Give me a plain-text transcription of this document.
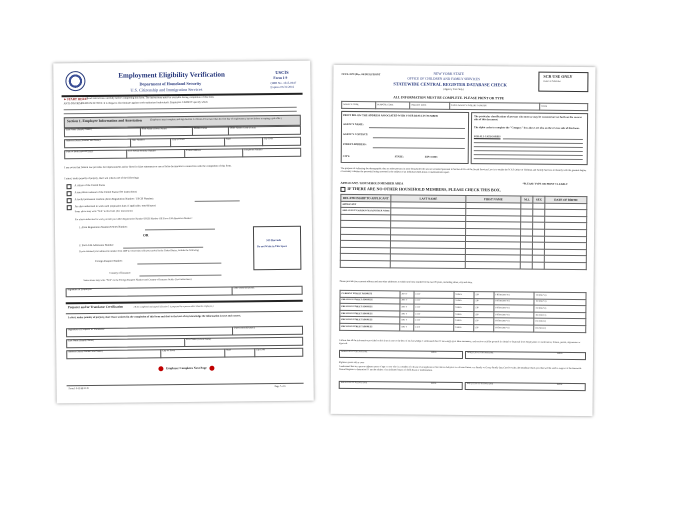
Employment Eligibility Verification
Department of Homeland Security
U.S. Citizenship and Immigration Services
USCIS
Form I-9
OMB No. 1615-0047
Expires 03/31/2016
►START HERE.
Read instructions carefully before completing this form. The instructions must be available during completion of this form.
ANTI-DISCRIMINATION NOTICE: It is illegal to discriminate against work-authorized individuals. Employers CANNOT specify which
Section 1. Employee Information and Attestation	(Employees must complete and sign Section 1 of Form I-9 no later than the first day of employment, but not before accepting a job offer.)
Last Name (Family Name)	First Name (Given Name)	Middle Initial	Other Names Used (if any)
Address (Street Number and Name)	Apt. Number	City or Town	State	Zip Code
Date of Birth (mm/dd/yyyy)	U.S. Social Security Number	E-mail Address	Telephone Number
I am aware that federal law provides for imprisonment and/or fines for false statements or use of false documents in connection with the completion of this form.
I attest, under penalty of perjury, that I am (check one of the following):
A citizen of the United States
A noncitizen national of the United States (See instructions)
A lawful permanent resident (Alien Registration Number / USCIS Number):
An alien authorized to work until (expiration date, if applicable, mm/dd/yyyy)
Some aliens may write "N/A" in this field. (See instructions)
For aliens authorized to work, provide your Alien Registration Number/USCIS Number OR Form I-94 Admission Number:
1. Alien Registration Number/USCIS Number:
OR
2. Form I-94 Admission Number:
If you obtained your admission number from CBP in connection with your arrival in the United States, include the following:
Foreign Passport Number:
Country of Issuance:
Some aliens may write "N/A" on the Foreign Passport Number and Country of Issuance fields. (See instructions)
3-D Barcode
Do not Write in This Space
Signature of Employee:
Date (mm/dd/yyyy):
Preparer and/or Translator Certification	(To be completed and signed if Section 1 is prepared by a person other than the employee.)
I attest, under penalty of perjury, that I have assisted in the completion of this form and that to the best of my knowledge the information is true and correct.
Signature of Preparer or Translator:	Date (mm/dd/yyyy):
Last Name (Family Name)	First Name (Given Name)
Address (Street Number and Name)	City or Town	State	Zip Code
Employer Completes Next Page
Form I-9 03/08/13 N
Page 7 of 9
OCFS-3370 (Rev. 06/2015) FRONT	NEW YORK STATE
OFFICE OF CHILDREN AND FAMILY SERVICES
STATEWIDE CENTRAL REGISTER DATABASE CHECK
(Agency Use Only)
SCR USE ONLY
Return to Submitter
ALL INFORMATION MUST BE COMPLETE. PLEASE PRINT OR TYPE
AGENCY CODE	PURPOSE CODE	INQUIRY DATE	STATE AGENCY INQUIRY NUMBER	CODE
PRINT BELOW THE ADDRESS ASSOCIATED WITH YOUR RESULTS NUMBER
AGENCY NAME:
AGENCY CONTACT:
STREET ADDRESS:
CITY:	STATE:	ZIP CODE:
The particular classifications of persons who must or may be screened are set forth on the reverse side of this document.
The alpha codes to complete the "Category" box above are also on the reverse side of this form.
FOR ALL CATEGORIES
The purpose of collecting the demographic data on other persons in your household who are not screened pursuant to Section 424-a of the Social Services Law is to enable the N.Y.S Office of Children and Family Services to identify with the greatest degree of certainty whether the person(s) being screened is the subject of an indicated child abuse or maltreatment report.
APPLICANT / HOUSEHOLD MEMBER AREA	*PLEASE TYPE OR PRINT CLEARLY
IF THERE ARE NO OTHER HOUSEHOLD MEMBERS, PLEASE CHECK THIS BOX.
RELATIONSHIP TO APPLICANT	LAST NAME	FIRST NAME	M.I.	SEX	DATE OF BIRTH
APPLICANT					
APPLICANT'S MAIDEN/ALIAS/OTHER NAME					

Please provide your current address and any other addresses at which you have resided for the last 28 years, including street, city and state.
CURRENT STREET ADDRESS	APT #	CITY	STATE	ZIP	FROM (Mo/Yr)	TO (Mo/Yr)
PREVIOUS STREET ADDRESS	APT #	CITY	STATE	ZIP	FROM (Mo/Yr)	TO (Mo/Yr)
PREVIOUS STREET ADDRESS	APT #	CITY	STATE	ZIP	FROM (Mo/Yr)	TO (Mo/Yr)
PREVIOUS STREET ADDRESS	APT #	CITY	STATE	ZIP	FROM (Mo/Yr)	TO (Mo/Yr)
PREVIOUS STREET ADDRESS	APT #	CITY	STATE	ZIP	FROM (Mo/Yr)	TO (Mo/Yr)
PREVIOUS STREET ADDRESS	APT #	CITY	STATE	ZIP	FROM (Mo/Yr)	TO (Mo/Yr)
I affirm that all the information provided on this form is true to the best of my knowledge. I understand that if I knowingly give false statements, such action could be grounds for denial or dismissal from employment or certification, license, permit, registration or approval.
APPLICANT'S SIGNATURE	DATE	APPLICANT'S SIGNATURE	DATE
Eighteen years old or over
I understand that as a person eighteen years of age or over who is a resident of a house of an applicant to become an Adoptive or a Foster Parent or a Family or Group Family Day Care Provider, the Database Check provided will be used in support of the Statewide Central Register to determine if I am the subject of an indicated report of child abuse or maltreatment.
APPLICANT'S SIGNATURE	DATE	APPLICANT'S SIGNATURE	DATE
